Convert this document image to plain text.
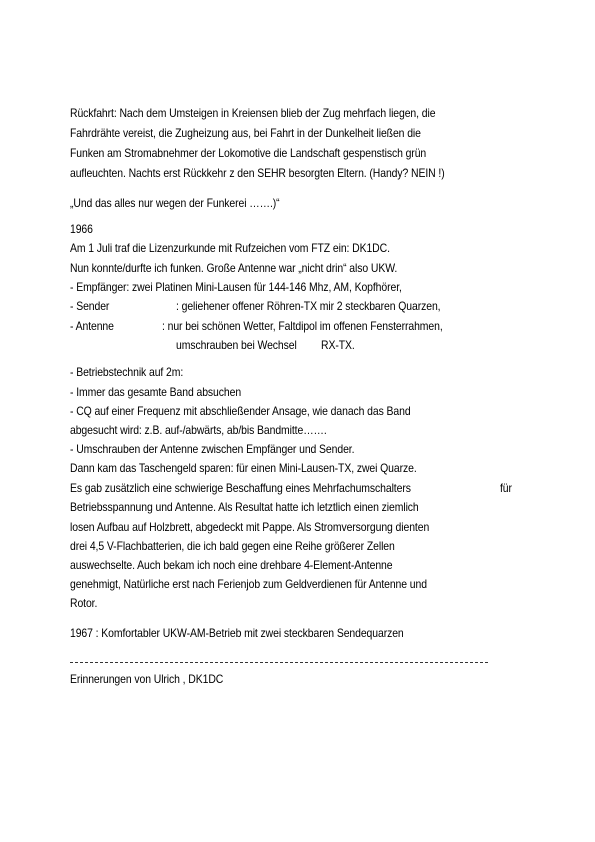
Rückfahrt: Nach dem Umsteigen in Kreiensen blieb der Zug mehrfach liegen, die
Fahrdrähte vereist, die Zugheizung aus, bei Fahrt in der Dunkelheit ließen die
Funken am Stromabnehmer der Lokomotive die Landschaft gespenstisch grün
aufleuchten. Nachts erst Rückkehr z den SEHR besorgten Eltern. (Handy? NEIN !)
„Und das alles nur wegen der Funkerei …….)“
1966
Am 1 Juli traf die Lizenzurkunde mit Rufzeichen vom FTZ ein: DK1DC.
Nun konnte/durfte ich funken. Große Antenne war „nicht drin“ also UKW.
- Empfänger: zwei Platinen Mini-Lausen für 144-146 Mhz, AM, Kopfhörer,
- Sender	: geliehener offener Röhren-TX mir 2 steckbaren Quarzen,
- Antenne	: nur bei schönen Wetter, Faltdipol im offenen Fensterrahmen,
umschrauben bei Wechsel RX-TX.
- Betriebstechnik auf 2m:
- Immer das gesamte Band absuchen
- CQ auf einer Frequenz mit abschließender Ansage, wie danach das Band
abgesucht wird: z.B. auf-/abwärts, ab/bis Bandmitte…….
- Umschrauben der Antenne zwischen Empfänger und Sender.
Dann kam das Taschengeld sparen: für einen Mini-Lausen-TX, zwei Quarze.
Es gab zusätzlich eine schwierige Beschaffung eines Mehrfachumschalters	für
Betriebsspannung und Antenne. Als Resultat hatte ich letztlich einen ziemlich
losen Aufbau auf Holzbrett, abgedeckt mit Pappe. Als Stromversorgung dienten
drei 4,5 V-Flachbatterien, die ich bald gegen eine Reihe größerer Zellen
auswechselte. Auch bekam ich noch eine drehbare 4-Element-Antenne
genehmigt, Natürliche erst nach Ferienjob zum Geldverdienen für Antenne und
Rotor.
1967 : Komfortabler UKW-AM-Betrieb mit zwei steckbaren Sendequarzen
Erinnerungen von Ulrich , DK1DC
